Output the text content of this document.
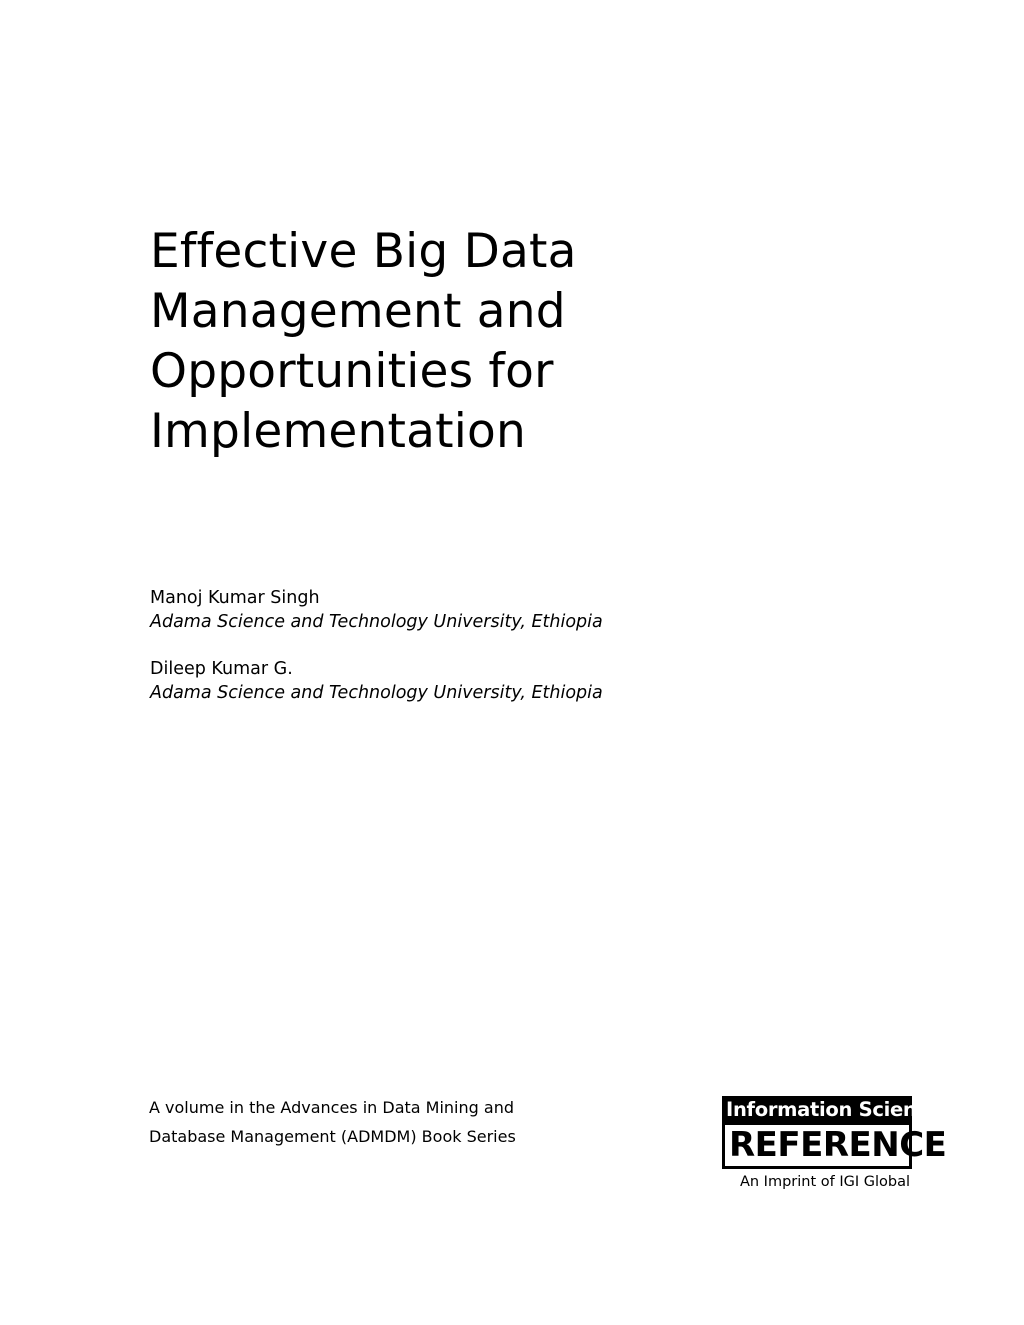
Effective Big Data
Management and
Opportunities for
Implementation
Manoj Kumar Singh
Adama Science and Technology University, Ethiopia
Dileep Kumar G.
Adama Science and Technology University, Ethiopia
A volume in the Advances in Data Mining and
Database Management (ADMDM) Book Series
Information Science
REFERENCE
An Imprint of IGI Global
